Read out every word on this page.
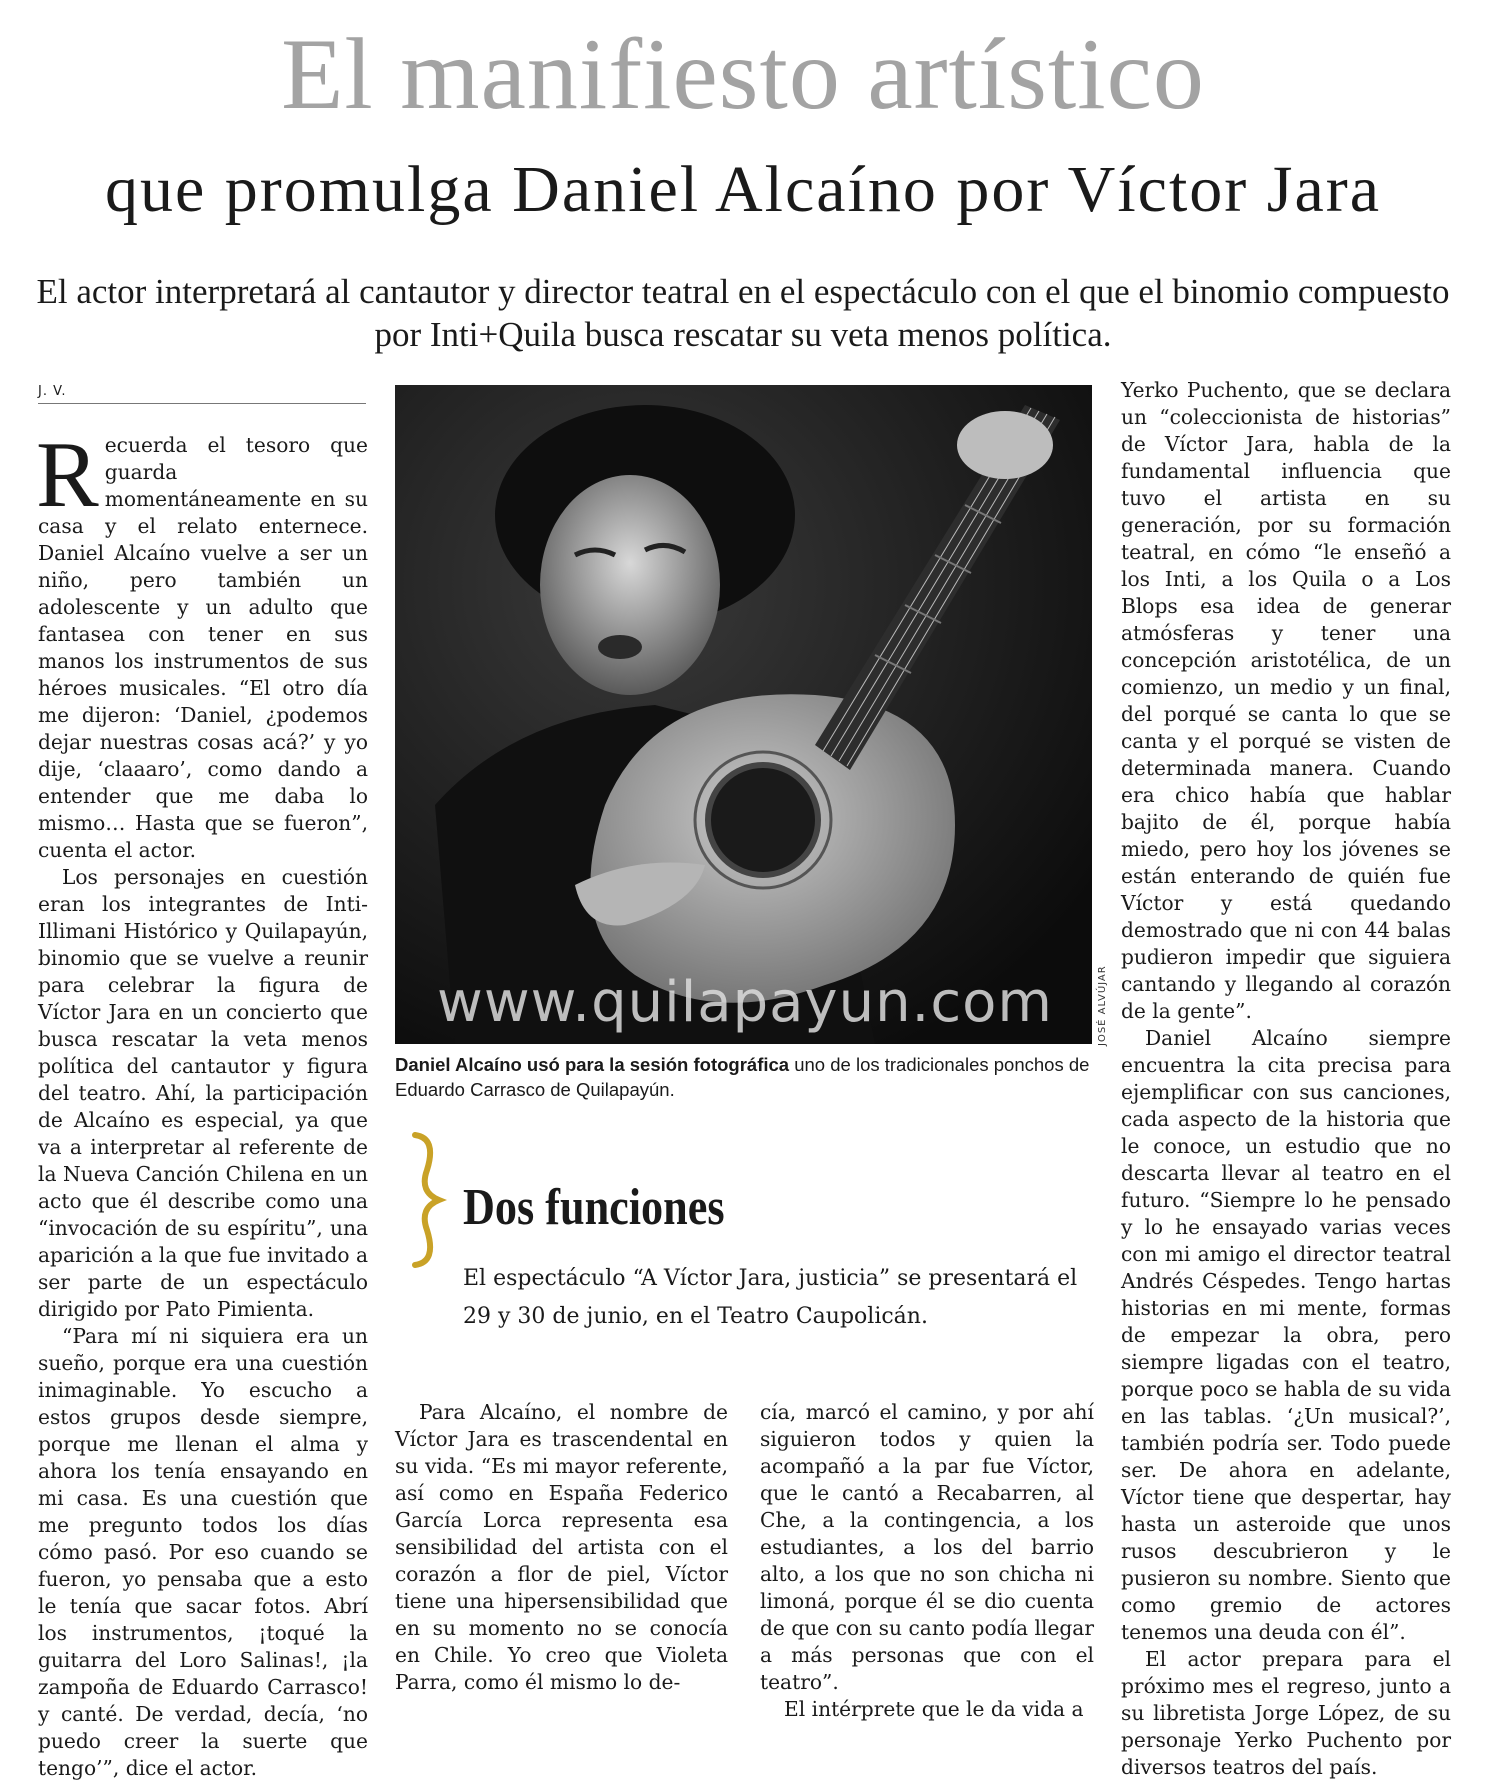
El manifiesto artístico
que promulga Daniel Alcaíno por Víctor Jara
El actor interpretará al cantautor y director teatral en el espectáculo con el que el binomio compuesto por Inti+Quila busca rescatar su veta menos política.
J. V.

Recuerda el tesoro que guarda momentáneamente en su casa y el relato enternece. Daniel Alcaíno vuelve a ser un niño, pero también un adolescente y un adulto que fantasea con tener en sus manos los instrumentos de sus héroes musicales. “El otro día me dijeron: ‘Daniel, ¿podemos dejar nuestras cosas acá?’ y yo dije, ‘claaaro’, como dando a entender que me daba lo mismo… Hasta que se fueron”, cuenta el actor.

Los personajes en cuestión eran los integrantes de Inti-Illimani Histórico y Quilapayún, binomio que se vuelve a reunir para celebrar la figura de Víctor Jara en un concierto que busca rescatar la veta menos política del cantautor y figura del teatro. Ahí, la participación de Alcaíno es especial, ya que va a interpretar al referente de la Nueva Canción Chilena en un acto que él describe como una “invocación de su espíritu”, una aparición a la que fue invitado a ser parte de un espectáculo dirigido por Pato Pimienta.

“Para mí ni siquiera era un sueño, porque era una cuestión inimaginable. Yo escucho a estos grupos desde siempre, porque me llenan el alma y ahora los tenía ensayando en mi casa. Es una cuestión que me pregunto todos los días cómo pasó. Por eso cuando se fueron, yo pensaba que a esto le tenía que sacar fotos. Abrí los instrumentos, ¡toqué la guitarra del Loro Salinas!, ¡la zampoña de Eduardo Carrasco! y canté. De verdad, decía, ‘no puedo creer la suerte que tengo’”, dice el actor.

www.quilapayun.com	JOSÉ ALVÚJAR
Daniel Alcaíno usó para la sesión fotográfica uno de los tradicionales ponchos de Eduardo Carrasco de Quilapayún.
Dos funciones
El espectáculo “A Víctor Jara, justicia” se presentará el 29 y 30 de junio, en el Teatro Caupolicán.

Para Alcaíno, el nombre de Víctor Jara es trascendental en su vida. “Es mi mayor referente, así como en España Federico García Lorca representa esa sensibilidad del artista con el corazón a flor de piel, Víctor tiene una hipersensibilidad que en su momento no se conocía en Chile. Yo creo que Violeta Parra, como él mismo lo de-

cía, marcó el camino, y por ahí siguieron todos y quien la acompañó a la par fue Víctor, que le cantó a Recabarren, al Che, a la contingencia, a los estudiantes, a los del barrio alto, a los que no son chicha ni limoná, porque él se dio cuenta de que con su canto podía llegar a más personas que con el teatro”.

El intérprete que le da vida a

Yerko Puchento, que se declara un “coleccionista de historias” de Víctor Jara, habla de la fundamental influencia que tuvo el artista en su generación, por su formación teatral, en cómo “le enseñó a los Inti, a los Quila o a Los Blops esa idea de generar atmósferas y tener una concepción aristotélica, de un comienzo, un medio y un final, del porqué se canta lo que se canta y el porqué se visten de determinada manera. Cuando era chico había que hablar bajito de él, porque había miedo, pero hoy los jóvenes se están enterando de quién fue Víctor y está quedando demostrado que ni con 44 balas pudieron impedir que siguiera cantando y llegando al corazón de la gente”.

Daniel Alcaíno siempre encuentra la cita precisa para ejemplificar con sus canciones, cada aspecto de la historia que le conoce, un estudio que no descarta llevar al teatro en el futuro. “Siempre lo he pensado y lo he ensayado varias veces con mi amigo el director teatral Andrés Céspedes. Tengo hartas historias en mi mente, formas de empezar la obra, pero siempre ligadas con el teatro, porque poco se habla de su vida en las tablas. ‘¿Un musical?’, también podría ser. Todo puede ser. De ahora en adelante, Víctor tiene que despertar, hay hasta un asteroide que unos rusos descubrieron y le pusieron su nombre. Siento que como gremio de actores tenemos una deuda con él”.

El actor prepara para el próximo mes el regreso, junto a su libretista Jorge López, de su personaje Yerko Puchento por diversos teatros del país.
